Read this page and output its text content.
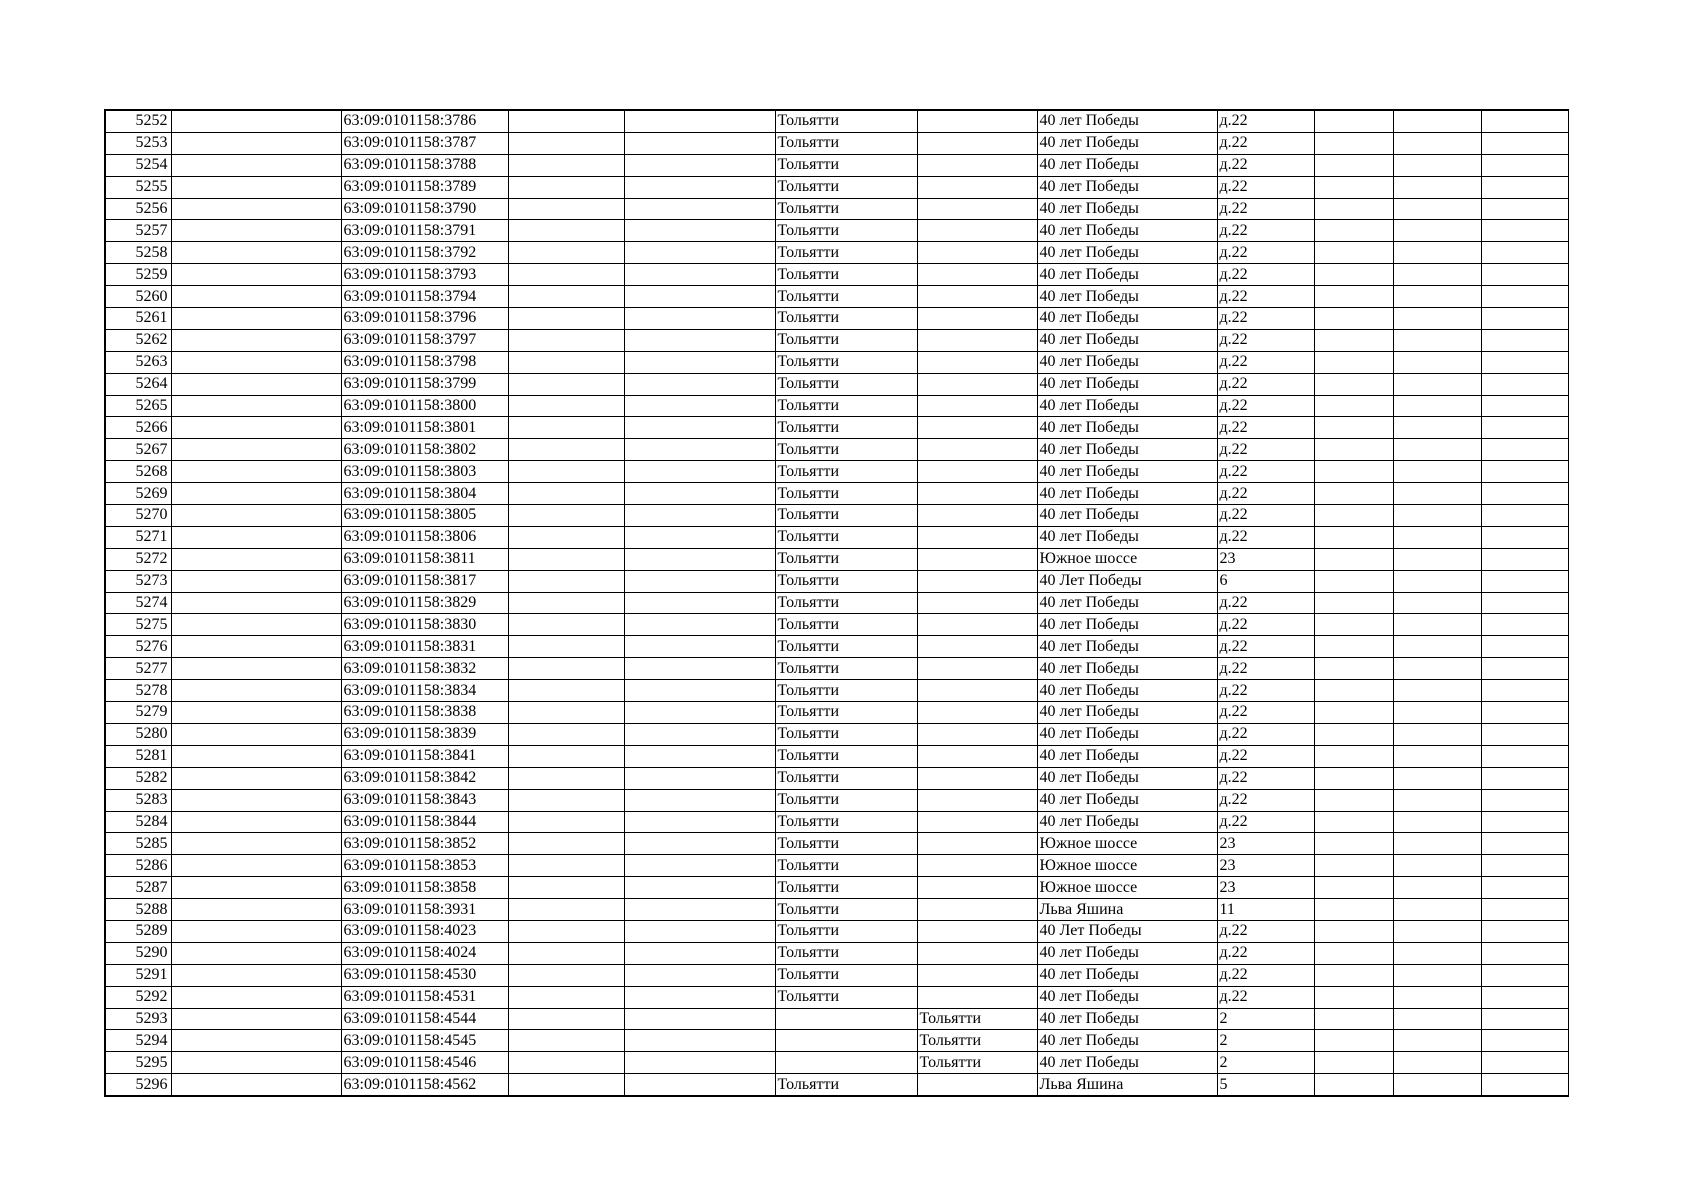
5252		63:09:0101158:3786			Тольятти		40 лет Победы	д.22			
5253		63:09:0101158:3787			Тольятти		40 лет Победы	д.22			
5254		63:09:0101158:3788			Тольятти		40 лет Победы	д.22			
5255		63:09:0101158:3789			Тольятти		40 лет Победы	д.22			
5256		63:09:0101158:3790			Тольятти		40 лет Победы	д.22			
5257		63:09:0101158:3791			Тольятти		40 лет Победы	д.22			
5258		63:09:0101158:3792			Тольятти		40 лет Победы	д.22			
5259		63:09:0101158:3793			Тольятти		40 лет Победы	д.22			
5260		63:09:0101158:3794			Тольятти		40 лет Победы	д.22			
5261		63:09:0101158:3796			Тольятти		40 лет Победы	д.22			
5262		63:09:0101158:3797			Тольятти		40 лет Победы	д.22			
5263		63:09:0101158:3798			Тольятти		40 лет Победы	д.22			
5264		63:09:0101158:3799			Тольятти		40 лет Победы	д.22			
5265		63:09:0101158:3800			Тольятти		40 лет Победы	д.22			
5266		63:09:0101158:3801			Тольятти		40 лет Победы	д.22			
5267		63:09:0101158:3802			Тольятти		40 лет Победы	д.22			
5268		63:09:0101158:3803			Тольятти		40 лет Победы	д.22			
5269		63:09:0101158:3804			Тольятти		40 лет Победы	д.22			
5270		63:09:0101158:3805			Тольятти		40 лет Победы	д.22			
5271		63:09:0101158:3806			Тольятти		40 лет Победы	д.22			
5272		63:09:0101158:3811			Тольятти		Южное шоссе	23			
5273		63:09:0101158:3817			Тольятти		40 Лет Победы	6			
5274		63:09:0101158:3829			Тольятти		40 лет Победы	д.22			
5275		63:09:0101158:3830			Тольятти		40 лет Победы	д.22			
5276		63:09:0101158:3831			Тольятти		40 лет Победы	д.22			
5277		63:09:0101158:3832			Тольятти		40 лет Победы	д.22			
5278		63:09:0101158:3834			Тольятти		40 лет Победы	д.22			
5279		63:09:0101158:3838			Тольятти		40 лет Победы	д.22			
5280		63:09:0101158:3839			Тольятти		40 лет Победы	д.22			
5281		63:09:0101158:3841			Тольятти		40 лет Победы	д.22			
5282		63:09:0101158:3842			Тольятти		40 лет Победы	д.22			
5283		63:09:0101158:3843			Тольятти		40 лет Победы	д.22			
5284		63:09:0101158:3844			Тольятти		40 лет Победы	д.22			
5285		63:09:0101158:3852			Тольятти		Южное шоссе	23			
5286		63:09:0101158:3853			Тольятти		Южное шоссе	23			
5287		63:09:0101158:3858			Тольятти		Южное шоссе	23			
5288		63:09:0101158:3931			Тольятти		Льва Яшина	11			
5289		63:09:0101158:4023			Тольятти		40 Лет Победы	д.22			
5290		63:09:0101158:4024			Тольятти		40 лет Победы	д.22			
5291		63:09:0101158:4530			Тольятти		40 лет Победы	д.22			
5292		63:09:0101158:4531			Тольятти		40 лет Победы	д.22			
5293		63:09:0101158:4544				Тольятти	40 лет Победы	2			
5294		63:09:0101158:4545				Тольятти	40 лет Победы	2			
5295		63:09:0101158:4546				Тольятти	40 лет Победы	2			
5296		63:09:0101158:4562			Тольятти		Льва Яшина	5			
